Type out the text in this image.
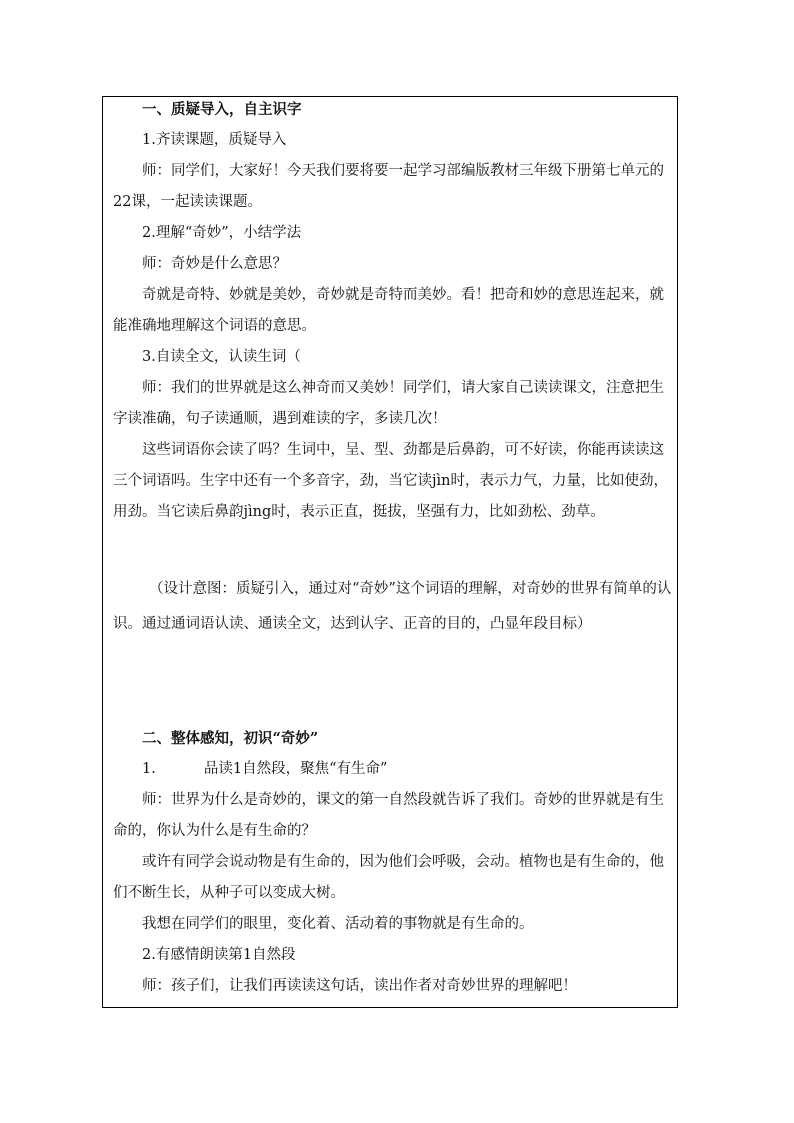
一、质疑导入，自主识字

1.齐读课题，质疑导入

师：同学们，大家好！今天我们要将要一起学习部编版教材三年级下册第七单元的22课，一起读读课题。

2.理解“奇妙”，小结学法

师：奇妙是什么意思？

奇就是奇特、妙就是美妙，奇妙就是奇特而美妙。看！把奇和妙的意思连起来，就能准确地理解这个词语的意思。

3.自读全文，认读生词（

师：我们的世界就是这么神奇而又美妙！同学们，请大家自己读读课文，注意把生字读准确，句子读通顺，遇到难读的字，多读几次！

这些词语你会读了吗？生词中，呈、型、劲都是后鼻韵，可不好读，你能再读读这三个词语吗。生字中还有一个多音字，劲，当它读jìn时，表示力气，力量，比如使劲，用劲。当它读后鼻韵jìng时，表示正直，挺拔，坚强有力，比如劲松、劲草。

（设计意图：质疑引入，通过对“奇妙”这个词语的理解，对奇妙的世界有简单的认识。通过通词语认读、通读全文，达到认字、正音的目的，凸显年段目标）

二、整体感知，初识“奇妙”

1.	品读1自然段，聚焦“有生命”

师：世界为什么是奇妙的，课文的第一自然段就告诉了我们。奇妙的世界就是有生命的，你认为什么是有生命的？

或许有同学会说动物是有生命的，因为他们会呼吸，会动。植物也是有生命的，他们不断生长，从种子可以变成大树。

我想在同学们的眼里，变化着、活动着的事物就是有生命的。

2.有感情朗读第1自然段

师：孩子们，让我们再读读这句话，读出作者对奇妙世界的理解吧！
